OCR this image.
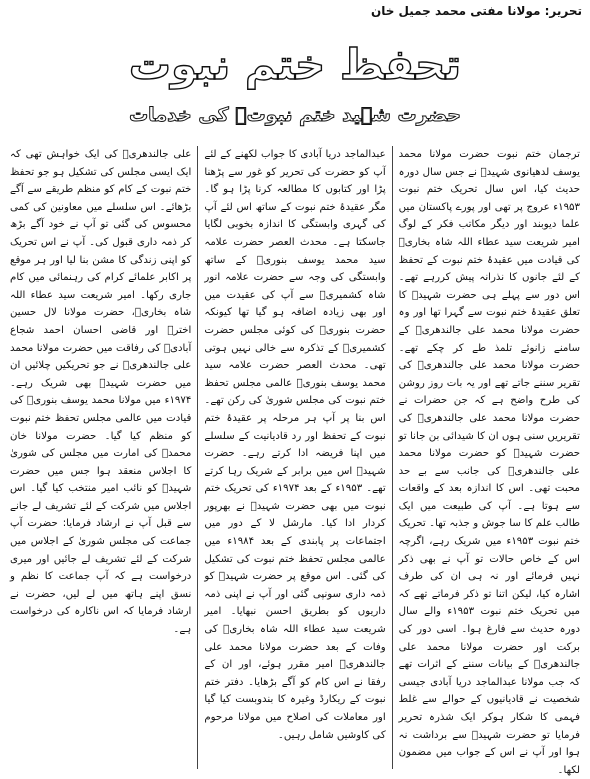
تحریر: مولانا مفتی محمد جمیل خان
تحفظ ختم نبوت
حضرت شہید ختم نبوتؐ کی خدمات

ترجمان ختم نبوت حضرت مولانا محمد یوسف لدھیانوی شہیدؒ نے جس سال دورہ حدیث کیا، اس سال تحریک ختم نبوت ۱۹۵۳ء عروج پر تھی اور پورے پاکستان میں علما دیوبند اور دیگر مکاتب فکر کے لوگ امیر شریعت سید عطاء اللہ شاہ بخاریؒ کی قیادت میں عقیدۂ ختم نبوت کے تحفظ کے لئے جانوں کا نذرانہ پیش کررہے تھے۔ اس دور سے پہلے ہی حضرت شہیدؒ کا تعلق عقیدۂ ختم نبوت سے گہرا تھا اور وہ حضرت مولانا محمد علی جالندھریؒ کے سامنے زانوئے تلمذ طے کر چکے تھے۔ حضرت مولانا محمد علی جالندھریؒ کی تقریر سننے جاتے تھے اور یہ بات روز روشن کی طرح واضح ہے کہ جن حضرات نے حضرت مولانا محمد علی جالندھریؒ کی تقریریں سنی ہوں ان کا شیدائی بن جانا تو حضرت شہیدؒ کو حضرت مولانا محمد علی جالندھریؒ کی جانب سے بے حد محبت تھی۔ اس کا اندازہ بعد کے واقعات سے ہوتا ہے۔ آپ کی طبیعت میں ایک طالب علم کا سا جوش و جذبہ تھا۔ تحریک ختم نبوت ۱۹۵۳ء میں شریک رہے، اگرچہ اس کے خاص حالات تو آپ نے بھی ذکر نہیں فرمائے اور نہ ہی ان کی طرف اشارہ کیا، لیکن اتنا تو ذکر فرماتے تھے کہ میں تحریک ختم نبوت ۱۹۵۳ء والے سال دورہ حدیث سے فارغ ہوا۔ اسی دور کی برکت اور حضرت مولانا محمد علی جالندھریؒ کے بیانات سننے کے اثرات تھے کہ جب مولانا عبدالماجد دریا آبادی جیسی شخصیت نے قادیانیوں کے حوالے سے غلط فہمی کا شکار ہوکر ایک شذرہ تحریر فرمایا تو حضرت شہیدؒ سے برداشت نہ ہوا اور آپ نے اس کے جواب میں مضمون لکھا۔

عبدالماجد دریا آبادی کا جواب لکھنے کے لئے آپ کو حضرت کی تحریر کو غور سے پڑھنا پڑا اور کتابوں کا مطالعہ کرنا پڑا ہو گا۔ مگر عقیدۂ ختم نبوت کے ساتھ اس لئے آپ کی گہری وابستگی کا اندازہ بخوبی لگایا جاسکتا ہے۔ محدث العصر حضرت علامہ سید محمد یوسف بنوریؒ کے ساتھ وابستگی کی وجہ سے حضرت علامہ انور شاہ کشمیریؒ سے آپ کی عقیدت میں اور بھی زیادہ اضافہ ہو گیا تھا کیونکہ حضرت بنوریؒ کی کوئی مجلس حضرت کشمیریؒ کے تذکرہ سے خالی نہیں ہوتی تھی۔ محدث العصر حضرت علامہ سید محمد یوسف بنوریؒ عالمی مجلس تحفظ ختم نبوت کی مجلس شوریٰ کی رکن تھے۔ اس بنا پر آپ ہر مرحلہ پر عقیدۂ ختم نبوت کے تحفظ اور رد قادیانیت کے سلسلے میں اپنا فریضہ ادا کرتے رہے۔ حضرت شہیدؒ اس میں برابر کے شریک رہا کرتے تھے۔ ۱۹۵۳ء کے بعد ۱۹۷۴ء کی تحریک ختم نبوت میں بھی حضرت شہیدؒ نے بھرپور کردار ادا کیا۔ مارشل لا کے دور میں اجتماعات پر پابندی کے بعد ۱۹۸۴ء میں عالمی مجلس تحفظ ختم نبوت کی تشکیل کی گئی۔ اس موقع پر حضرت شہیدؒ کو ذمہ داری سونپی گئی اور آپ نے اپنی ذمہ داریوں کو بطریق احسن نبھایا۔ امیر شریعت سید عطاء اللہ شاہ بخاریؒ کی وفات کے بعد حضرت مولانا محمد علی جالندھریؒ امیر مقرر ہوئے، اور ان کے رفقا نے اس کام کو آگے بڑھایا۔ دفتر ختم نبوت کے ریکارڈ وغیرہ کا بندوبست کیا گیا اور معاملات کی اصلاح میں مولانا مرحوم کی کاوشیں شامل رہیں۔

علی جالندھریؒ کی ایک خواہش تھی کہ ایک ایسی مجلس کی تشکیل ہو جو تحفظ ختم نبوت کے کام کو منظم طریقے سے آگے بڑھائے۔ اس سلسلے میں معاونین کی کمی محسوس کی گئی تو آپ نے خود آگے بڑھ کر ذمہ داری قبول کی۔ آپ نے اس تحریک کو اپنی زندگی کا مشن بنا لیا اور ہر موقع پر اکابر علمائے کرام کی رہنمائی میں کام جاری رکھا۔ امیر شریعت سید عطاء اللہ شاہ بخاریؒ، حضرت مولانا لال حسین اخترؒ اور قاضی احسان احمد شجاع آبادیؒ کی رفاقت میں حضرت مولانا محمد علی جالندھریؒ نے جو تحریکیں چلائیں ان میں حضرت شہیدؒ بھی شریک رہے۔ ۱۹۷۴ء میں مولانا محمد یوسف بنوریؒ کی قیادت میں عالمی مجلس تحفظ ختم نبوت کو منظم کیا گیا۔ حضرت مولانا خان محمدؒ کی امارت میں مجلس کی شوریٰ کا اجلاس منعقد ہوا جس میں حضرت شہیدؒ کو نائب امیر منتخب کیا گیا۔ اس اجلاس میں شرکت کے لئے تشریف لے جانے سے قبل آپ نے ارشاد فرمایا: حضرت آپ جماعت کی مجلس شوریٰ کے اجلاس میں شرکت کے لئے تشریف لے جائیں اور میری درخواست ہے کہ آپ جماعت کا نظم و نسق اپنے ہاتھ میں لے لیں، حضرت نے ارشاد فرمایا کہ اس ناکارہ کی درخواست ہے۔
